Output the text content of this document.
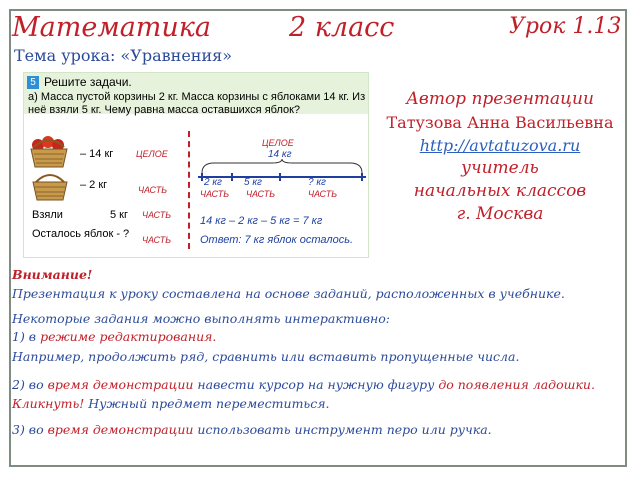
Математика	2 класс	Урок 1.13
Тема урока: «Уравнения»
5 Решите задачи.
а) Масса пустой корзины 2 кг. Масса корзины с яблоками 14 кг. Из неё взяли 5 кг. Чему равна масса оставшихся яблок?
– 14 кг	ЦЕЛОЕ
– 2 кг	ЧАСТЬ
Взяли	5 кг ЧАСТЬ
Осталось яблок - ? ЧАСТЬ
ЦЕЛОЕ
14 кг
2 кг 5 кг	? кг
ЧАСТЬ ЧАСТЬ	ЧАСТЬ
14 кг – 2 кг – 5 кг = 7 кг
Ответ: 7 кг яблок осталось.
Автор презентации
Татузова Анна Васильевна
http://avtatuzova.ru
учитель
начальных классов
г. Москва
Внимание!
Презентация к уроку составлена на основе заданий, расположенных в учебнике.
Некоторые задания можно выполнять интерактивно:
1) в режиме редактирования.
Например, продолжить ряд, сравнить или вставить пропущенные числа.
2) во время демонстрации навести курсор на нужную фигуру до появления ладошки.
Кликнуть! Нужный предмет переместиться.
3) во время демонстрации использовать инструмент перо или ручка.
